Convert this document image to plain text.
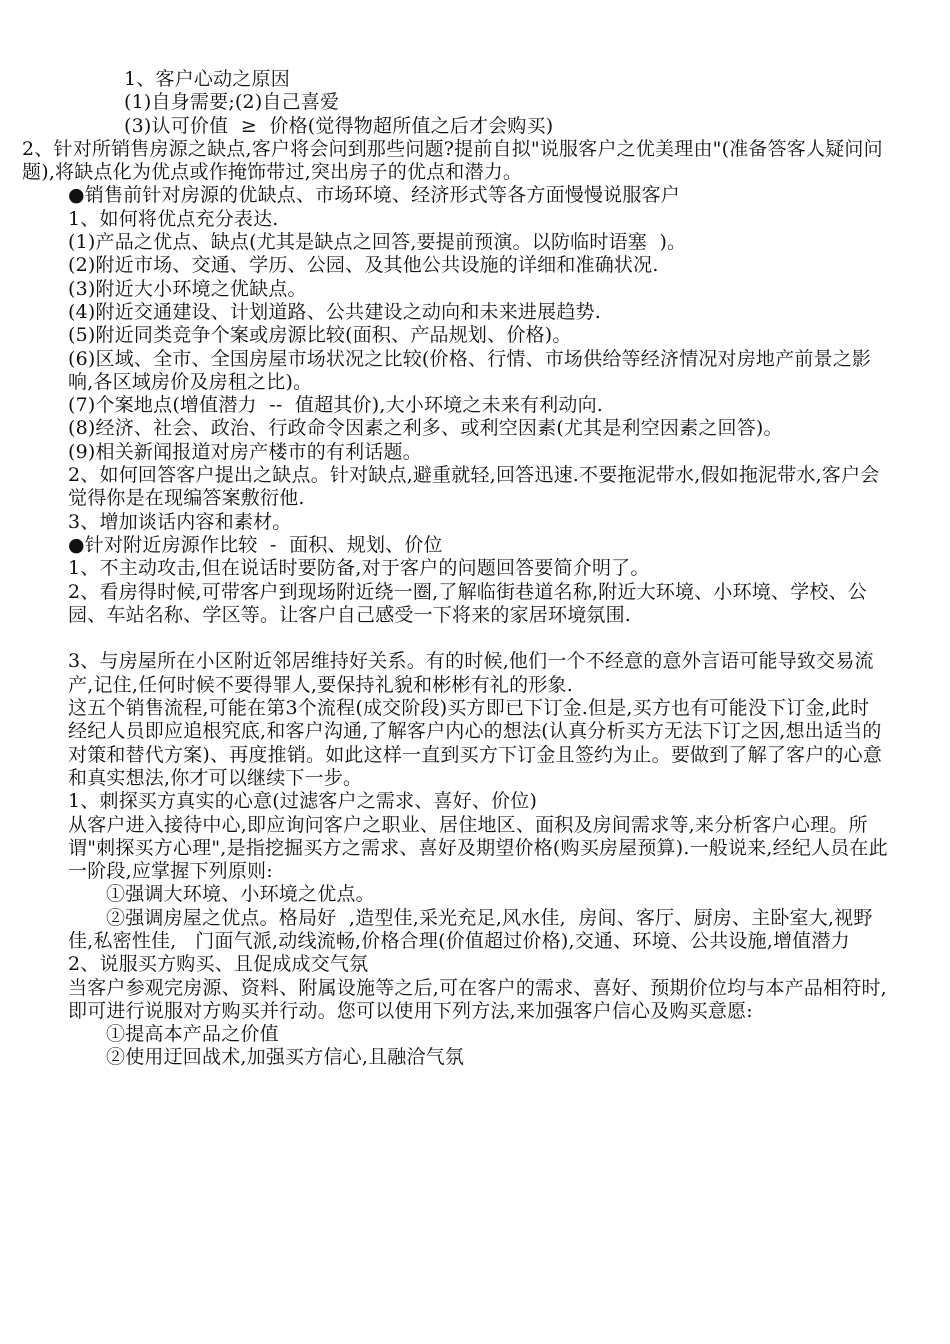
1、客户心动之原因
(1)自身需要;(2)自己喜爱
(3)认可价值  ≥  价格(觉得物超所值之后才会购买)
2、针对所销售房源之缺点,客户将会问到那些问题?提前自拟"说服客户之优美理由"(准备答客人疑问问题),将缺点化为优点或作掩饰带过,突出房子的优点和潜力。
●销售前针对房源的优缺点、市场环境、经济形式等各方面慢慢说服客户
1、如何将优点充分表达.
(1)产品之优点、缺点(尤其是缺点之回答,要提前预演。以防临时语塞  )。
(2)附近市场、交通、学历、公园、及其他公共设施的详细和准确状况.
(3)附近大小环境之优缺点。
(4)附近交通建设、计划道路、公共建设之动向和未来进展趋势.
(5)附近同类竞争个案或房源比较(面积、产品规划、价格)。
(6)区域、全市、全国房屋市场状况之比较(价格、行情、市场供给等经济情况对房地产前景之影响,各区域房价及房租之比)。
(7)个案地点(增值潜力  --  值超其价),大小环境之未来有利动向.
(8)经济、社会、政治、行政命令因素之利多、或利空因素(尤其是利空因素之回答)。
(9)相关新闻报道对房产楼市的有利话题。
2、如何回答客户提出之缺点。针对缺点,避重就轻,回答迅速.不要拖泥带水,假如拖泥带水,客户会觉得你是在现编答案敷衍他.
3、增加谈话内容和素材。
●针对附近房源作比较  -  面积、规划、价位
1、不主动攻击,但在说话时要防备,对于客户的问题回答要简介明了。
2、看房得时候,可带客户到现场附近绕一圈,了解临街巷道名称,附近大环境、小环境、学校、公园、车站名称、学区等。让客户自己感受一下将来的家居环境氛围.
3、与房屋所在小区附近邻居维持好关系。有的时候,他们一个不经意的意外言语可能导致交易流产,记住,任何时候不要得罪人,要保持礼貌和彬彬有礼的形象.
这五个销售流程,可能在第3个流程(成交阶段)买方即已下订金.但是,买方也有可能没下订金,此时经纪人员即应追根究底,和客户沟通,了解客户内心的想法(认真分析买方无法下订之因,想出适当的对策和替代方案)、再度推销。如此这样一直到买方下订金且签约为止。要做到了解了客户的心意和真实想法,你才可以继续下一步。
1、刺探买方真实的心意(过滤客户之需求、喜好、价位)
从客户进入接待中心,即应询问客户之职业、居住地区、面积及房间需求等,来分析客户心理。所谓"刺探买方心理",是指挖掘买方之需求、喜好及期望价格(购买房屋预算).一般说来,经纪人员在此一阶段,应掌握下列原则:
①强调大环境、小环境之优点。
②强调房屋之优点。格局好  ,造型佳,采光充足,风水佳,  房间、客厅、厨房、主卧室大,视野佳,私密性佳,   门面气派,动线流畅,价格合理(价值超过价格),交通、环境、公共设施,增值潜力
2、说服买方购买、且促成成交气氛
当客户参观完房源、资料、附属设施等之后,可在客户的需求、喜好、预期价位均与本产品相符时,即可进行说服对方购买并行动。您可以使用下列方法,来加强客户信心及购买意愿:
①提高本产品之价值
②使用迂回战术,加强买方信心,且融洽气氛
